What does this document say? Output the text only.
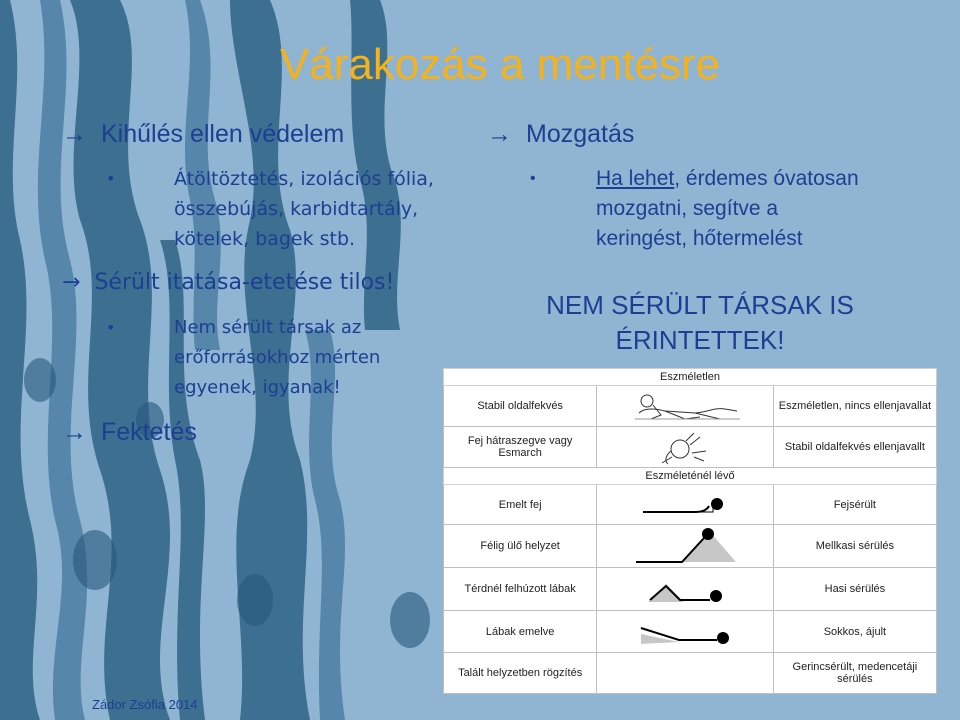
Várakozás a mentésre
→ Kihűlés ellen védelem
•	Átöltöztetés, izolációs fólia,
összebújás, karbidtartály,
kötelek, bagek stb.
→ Sérült itatása-etetése tilos!
•	Nem sérült társak az
erőforrásokhoz mérten
egyenek, igyanak!
→ Fektetés
→ Mozgatás
•	Ha lehet, érdemes óvatosan
mozgatni, segítve a
keringést, hőtermelést
NEM SÉRÜLT TÁRSAK IS
ÉRINTETTEK!
Eszméletlen		
Stabil oldalfekvés		Eszméletlen, nincs ellenjavallat
Fej hátraszegve vagy Esmarch		Stabil oldalfekvés ellenjavallt
Eszméleténél lévő		
Emelt fej		Fejsérült
Félig ülő helyzet		Mellkasi sérülés
Térdnél felhúzott lábak		Hasi sérülés
Lábak emelve		Sokkos, ájult
Talált helyzetben rögzítés		Gerincsérült, medencetáji sérülés
Zádor Zsófia 2014
